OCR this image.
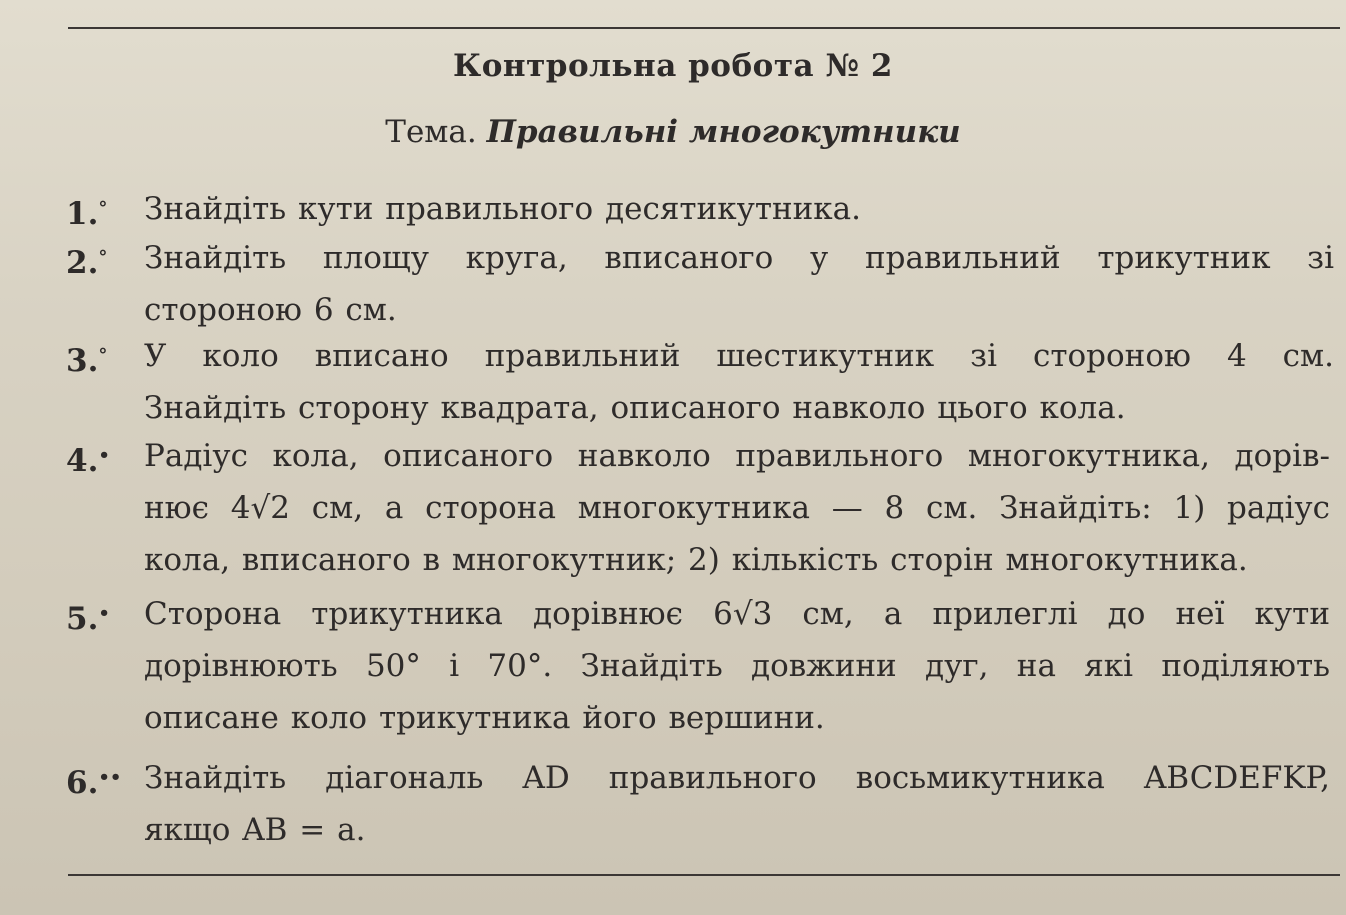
Контрольна робота № 2
Тема. Правильні многокутники
1.°	Знайдіть кути правильного десятикутника.
2.°	Знайдіть площу круга, вписаного у правильний трикутник зі
стороною 6 см.
3.°	У коло вписано правильний шестикутник зі стороною 4 см.
Знайдіть сторону квадрата, описаного навколо цього кола.
4.•	Радіус кола, описаного навколо правильного многокутника, дорів-
нює 4√2 см, а сторона многокутника — 8 см. Знайдіть: 1) радіус
кола, вписаного в многокутник; 2) кількість сторін многокутника.
5.•	Сторона трикутника дорівнює 6√3 см, а прилеглі до неї кути
дорівнюють 50° і 70°. Знайдіть довжини дуг, на які поділяють
описане коло трикутника його вершини.
6.•• Знайдіть діагональ AD правильного восьмикутника ABCDEFKP,
якщо AB = a.
